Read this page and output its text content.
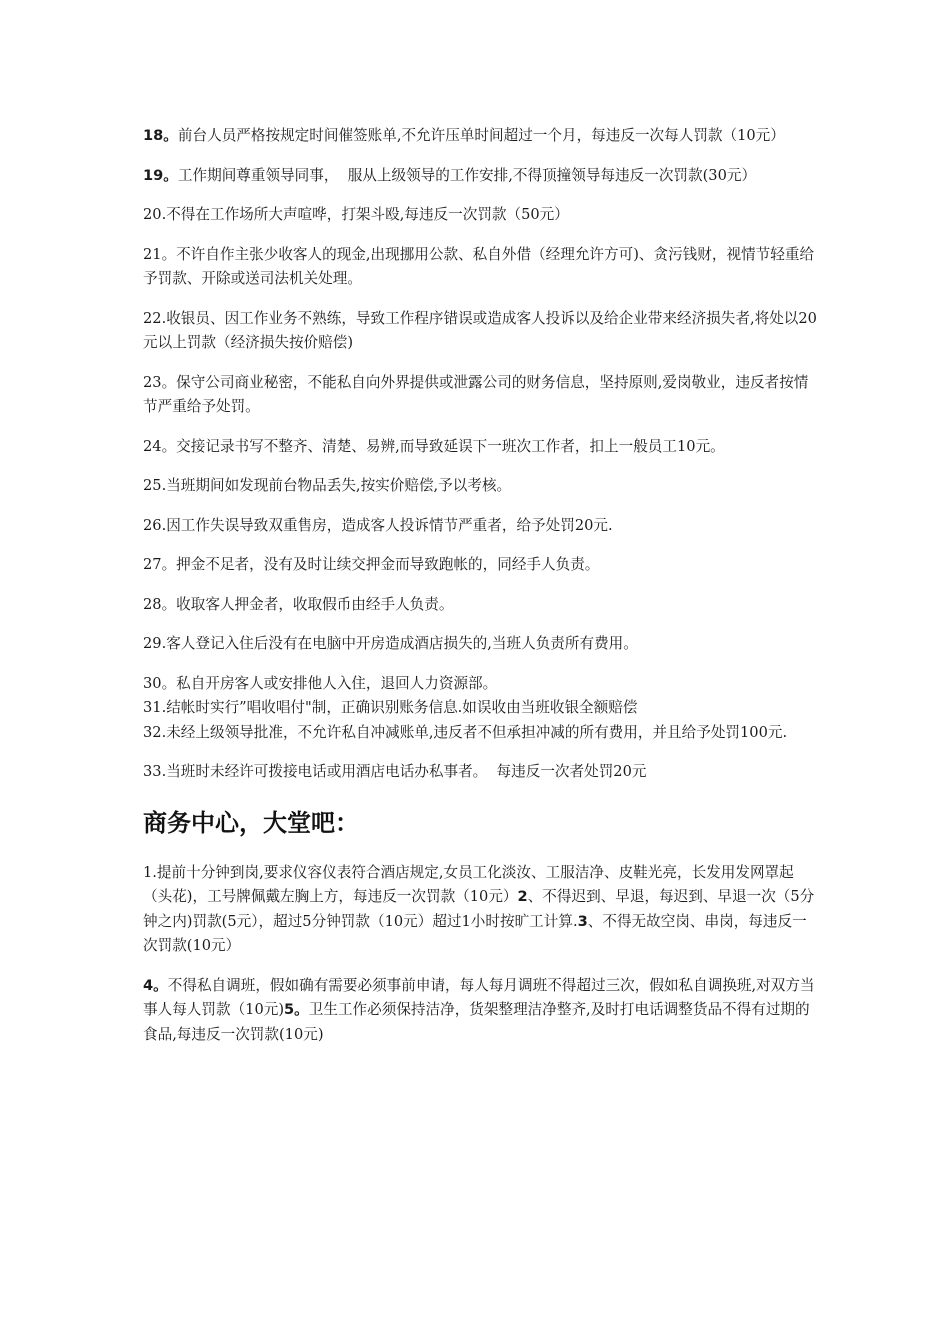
18。前台人员严格按规定时间催签账单,不允许压单时间超过一个月，每违反一次每人罚款（10元）

19。工作期间尊重领导同事，  服从上级领导的工作安排,不得顶撞领导每违反一次罚款(30元）

20.不得在工作场所大声喧哗，打架斗殴,每违反一次罚款（50元）

21。不许自作主张少收客人的现金,出现挪用公款、私自外借（经理允许方可)、贪污钱财，视情节轻重给予罚款、开除或送司法机关处理。

22.收银员、因工作业务不熟练，导致工作程序错误或造成客人投诉以及给企业带来经济损失者,将处以20元以上罚款（经济损失按价赔偿)

23。保守公司商业秘密，不能私自向外界提供或泄露公司的财务信息，坚持原则,爱岗敬业，违反者按情节严重给予处罚。

24。交接记录书写不整齐、清楚、易辨,而导致延误下一班次工作者，扣上一般员工10元。

25.当班期间如发现前台物品丢失,按实价赔偿,予以考核。

26.因工作失误导致双重售房，造成客人投诉情节严重者，给予处罚20元.

27。押金不足者，没有及时让续交押金而导致跑帐的，同经手人负责。

28。收取客人押金者，收取假币由经手人负责。

29.客人登记入住后没有在电脑中开房造成酒店损失的,当班人负责所有费用。

30。私自开房客人或安排他人入住，退回人力资源部。

31.结帐时实行”唱收唱付"制，正确识别账务信息.如误收由当班收银全额赔偿

32.未经上级领导批准，不允许私自冲减账单,违反者不但承担冲减的所有费用，并且给予处罚100元.

33.当班时未经许可拨接电话或用酒店电话办私事者。  每违反一次者处罚20元

商务中心，大堂吧：

1.提前十分钟到岗,要求仪容仪表符合酒店规定,女员工化淡汝、工服洁净、皮鞋光亮，长发用发网罩起（头花)，工号牌佩戴左胸上方，每违反一次罚款（10元）2、不得迟到、早退，每迟到、早退一次（5分钟之内)罚款(5元），超过5分钟罚款（10元）超过1小时按旷工计算.3、不得无故空岗、串岗，每违反一次罚款(10元）

4。不得私自调班，假如确有需要必须事前申请，每人每月调班不得超过三次，假如私自调换班,对双方当事人每人罚款（10元)5。卫生工作必须保持洁净，货架整理洁净整齐,及时打电话调整货品不得有过期的食品,每违反一次罚款(10元)
